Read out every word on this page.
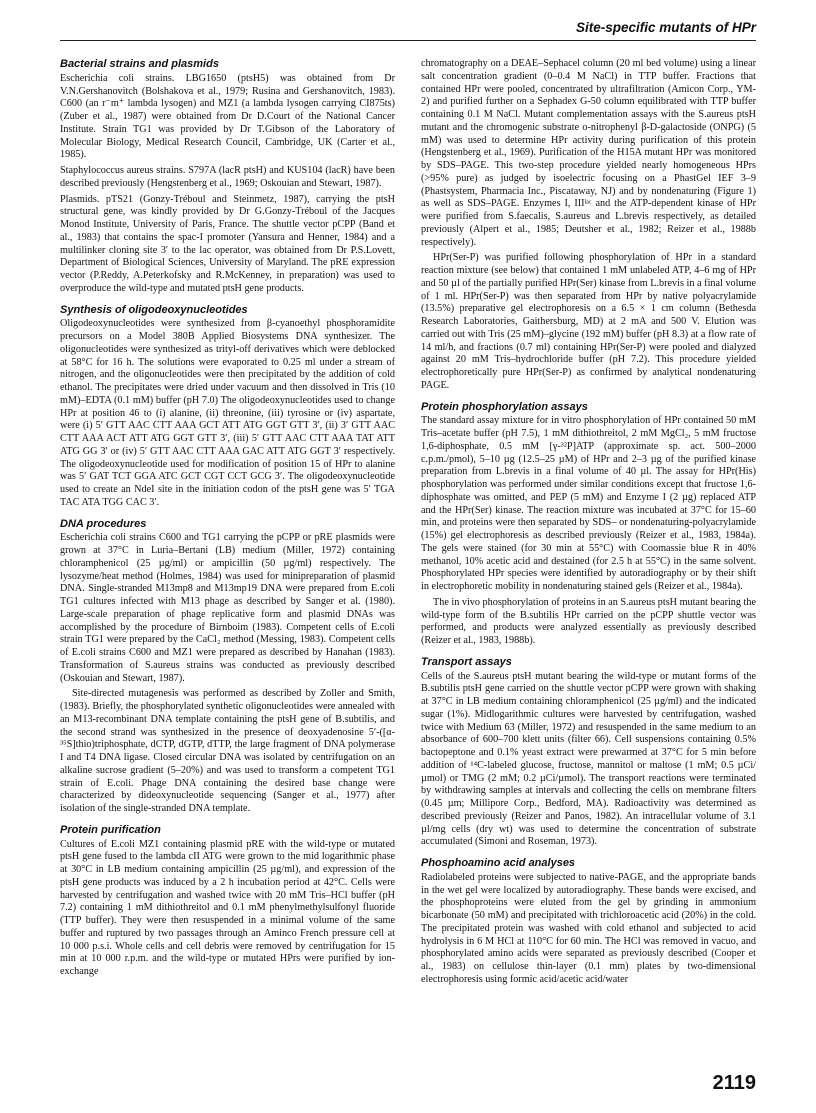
Site-specific mutants of HPr
Bacterial strains and plasmids

Escherichia coli strains. LBG1650 (ptsH5) was obtained from Dr V.N.Gershanovitch (Bolshakova et al., 1979; Rusina and Gershanovitch, 1983). C600 (an r⁻m⁺ lambda lysogen) and MZ1 (a lambda lysogen carrying CI875ts) (Zuber et al., 1987) were obtained from Dr D.Court of the National Cancer Institute. Strain TG1 was provided by Dr T.Gibson of the Laboratory of Molecular Biology, Medical Research Council, Cambridge, UK (Carter et al., 1985).

Staphylococcus aureus strains. S797A (lacR ptsH) and KUS104 (lacR) have been described previously (Hengstenberg et al., 1969; Oskouian and Stewart, 1987).

Plasmids. pTS21 (Gonzy-Tréboul and Steinmetz, 1987), carrying the ptsH structural gene, was kindly provided by Dr G.Gonzy-Tréboul of the Jacques Monod Institute, University of Paris, France. The shuttle vector pCPP (Band et al., 1983) that contains the spac-I promoter (Yansura and Henner, 1984) and a multilinker cloning site 3′ to the lac operator, was obtained from Dr P.S.Lovett, Department of Biological Sciences, University of Maryland. The pRE expression vector (P.Reddy, A.Peterkofsky and R.McKenney, in preparation) was used to overproduce the wild-type and mutated ptsH gene products.

Synthesis of oligodeoxynucleotides

Oligodeoxynucleotides were synthesized from β-cyanoethyl phosphoramidite precursors on a Model 380B Applied Biosystems DNA synthesizer. The oligonucleotides were synthesized as trityl-off derivatives which were deblocked at 58°C for 16 h. The solutions were evaporated to 0.25 ml under a stream of nitrogen, and the oligonucleotides were then precipitated by the addition of cold ethanol. The precipitates were dried under vacuum and then dissolved in Tris (10 mM)–EDTA (0.1 mM) buffer (pH 7.0) The oligodeoxynucleotides used to change HPr at position 46 to (i) alanine, (ii) threonine, (iii) tyrosine or (iv) aspartate, were (i) 5′ GTT AAC CTT AAA GCT ATT ATG GGT GTT 3′, (ii) 3′ GTT AAC CTT AAA ACT ATT ATG GGT GTT 3′, (iii) 5′ GTT AAC CTT AAA TAT ATT ATG GG 3′ or (iv) 5′ GTT AAC CTT AAA GAC ATT ATG GGT 3′ respectively. The oligodeoxynucleotide used for modification of position 15 of HPr to alanine was 5′ GAT TCT GGA ATC GCT CGT CCT GCG 3′. The oligodeoxynucleotide used to create an NdeI site in the initiation codon of the ptsH gene was 5′ TGA TAC ATA TGG CAC 3′.

DNA procedures

Escherichia coli strains C600 and TG1 carrying the pCPP or pRE plasmids were grown at 37°C in Luria–Bertani (LB) medium (Miller, 1972) containing chloramphenicol (25 µg/ml) or ampicillin (50 µg/ml) respectively. The lysozyme/heat method (Holmes, 1984) was used for minipreparation of plasmid DNA. Single-stranded M13mp8 and M13mp19 DNA were prepared from E.coli TG1 cultures infected with M13 phage as described by Sanger et al. (1980). Large-scale preparation of phage replicative form and plasmid DNAs was accomplished by the procedure of Birnboim (1983). Competent cells of E.coli strain TG1 were prepared by the CaCl₂ method (Messing, 1983). Competent cells of E.coli strains C600 and MZ1 were prepared as described by Hanahan (1983). Transformation of S.aureus strains was conducted as previously described (Oskouian and Stewart, 1987).

Site-directed mutagenesis was performed as described by Zoller and Smith, (1983). Briefly, the phosphorylated synthetic oligonucleotides were annealed with an M13-recombinant DNA template containing the ptsH gene of B.subtilis, and the second strand was synthesized in the presence of deoxyadenosine 5′-([α-³⁵S]thio)triphosphate, dCTP, dGTP, dTTP, the large fragment of DNA polymerase I and T4 DNA ligase. Closed circular DNA was isolated by centrifugation on an alkaline sucrose gradient (5–20%) and was used to transform a competent TG1 strain of E.coli. Phage DNA containing the desired base change were characterized by dideoxynucleotide sequencing (Sanger et al., 1977) after isolation of the single-stranded DNA template.

Protein purification

Cultures of E.coli MZ1 containing plasmid pRE with the wild-type or mutated ptsH gene fused to the lambda cII ATG were grown to the mid logarithmic phase at 30°C in LB medium containing ampicillin (25 µg/ml), and expression of the ptsH gene products was induced by a 2 h incubation period at 42°C. Cells were harvested by centrifugation and washed twice with 20 mM Tris–HCl buffer (pH 7.2) containing 1 mM dithiothreitol and 0.1 mM phenylmethylsulfonyl fluoride (TTP buffer). They were then resuspended in a minimal volume of the same buffer and ruptured by two passages through an Aminco French pressure cell at 10 000 p.s.i. Whole cells and cell debris were removed by centrifugation for 15 min at 10 000 r.p.m. and the wild-type or mutated HPrs were purified by ion-exchange

chromatography on a DEAE–Sephacel column (20 ml bed volume) using a linear salt concentration gradient (0–0.4 M NaCl) in TTP buffer. Fractions that contained HPr were pooled, concentrated by ultrafiltration (Amicon Corp., YM-2) and purified further on a Sephadex G-50 column equilibrated with TTP buffer containing 0.1 M NaCl. Mutant complementation assays with the S.aureus ptsH mutant and the chromogenic substrate o-nitrophenyl β-D-galactoside (ONPG) (5 mM) was used to determine HPr activity during purification of this protein (Hengstenberg et al., 1969). Purification of the H15A mutant HPr was monitored by SDS–PAGE. This two-step procedure yielded nearly homogeneous HPrs (>95% pure) as judged by isoelectric focusing on a PhastGel IEF 3–9 (Phastsystem, Pharmacia Inc., Piscataway, NJ) and by nondenaturing (Figure 1) as well as SDS–PAGE. Enzymes I, IIIˡᵃᶜ and the ATP-dependent kinase of HPr were purified from S.faecalis, S.aureus and L.brevis respectively, as detailed previously (Alpert et al., 1985; Deutsher et al., 1982; Reizer et al., 1988b respectively).

HPr(Ser-P) was purified following phosphorylation of HPr in a standard reaction mixture (see below) that contained 1 mM unlabeled ATP, 4–6 mg of HPr and 50 µl of the partially purified HPr(Ser) kinase from L.brevis in a final volume of 1 ml. HPr(Ser-P) was then separated from HPr by native polyacrylamide (13.5%) preparative gel electrophoresis on a 6.5 × 1 cm column (Bethesda Research Laboratories, Gaithersburg, MD) at 2 mA and 500 V. Elution was carried out with Tris (25 mM)–glycine (192 mM) buffer (pH 8.3) at a flow rate of 14 ml/h, and fractions (0.7 ml) containing HPr(Ser-P) were pooled and dialyzed against 20 mM Tris–hydrochloride buffer (pH 7.2). This procedure yielded electrophoretically pure HPr(Ser-P) as confirmed by analytical nondenaturing PAGE.

Protein phosphorylation assays

The standard assay mixture for in vitro phosphorylation of HPr contained 50 mM Tris–acetate buffer (pH 7.5), 1 mM dithiothreitol, 2 mM MgCl₂, 5 mM fructose 1,6-diphosphate, 0.5 mM [γ-³²P]ATP (approximate sp. act. 500–2000 c.p.m./pmol), 5–10 µg (12.5–25 µM) of HPr and 2–3 µg of the purified kinase preparation from L.brevis in a final volume of 40 µl. The assay for HPr(His) phosphorylation was performed under similar conditions except that fructose 1,6-diphosphate was omitted, and PEP (5 mM) and Enzyme I (2 µg) replaced ATP and the HPr(Ser) kinase. The reaction mixture was incubated at 37°C for 15–60 min, and proteins were then separated by SDS– or nondenaturing-polyacrylamide (15%) gel electrophoresis as described previously (Reizer et al., 1983, 1984a). The gels were stained (for 30 min at 55°C) with Coomassie blue R in 40% methanol, 10% acetic acid and destained (for 2.5 h at 55°C) in the same solvent. Phosphorylated HPr species were identified by autoradiography or by their shift in electrophoretic mobility in nondenaturing stained gels (Reizer et al., 1984a).

The in vivo phosphorylation of proteins in an S.aureus ptsH mutant bearing the wild-type form of the B.subtilis HPr carried on the pCPP shuttle vector was performed, and products were analyzed essentially as previously described (Reizer et al., 1983, 1988b).

Transport assays

Cells of the S.aureus ptsH mutant bearing the wild-type or mutant forms of the B.subtilis ptsH gene carried on the shuttle vector pCPP were grown with shaking at 37°C in LB medium containing chloramphenicol (25 µg/ml) and the indicated sugar (1%). Midlogarithmic cultures were harvested by centrifugation, washed twice with Medium 63 (Miller, 1972) and resuspended in the same medium to an absorbance of 600–700 klett units (filter 66). Cell suspensions containing 0.5% bactopeptone and 0.1% yeast extract were prewarmed at 37°C for 5 min before addition of ¹⁴C-labeled glucose, fructose, mannitol or maltose (1 mM; 0.5 µCi/µmol) or TMG (2 mM; 0.2 µCi/µmol). The transport reactions were terminated by withdrawing samples at intervals and collecting the cells on membrane filters (0.45 µm; Millipore Corp., Bedford, MA). Radioactivity was determined as described previously (Reizer and Panos, 1982). An intracellular volume of 3.1 µl/mg cells (dry wt) was used to determine the concentration of substrate accumulated (Simoni and Roseman, 1973).

Phosphoamino acid analyses

Radiolabeled proteins were subjected to native-PAGE, and the appropriate bands in the wet gel were localized by autoradiography. These bands were excised, and the phosphoproteins were eluted from the gel by grinding in ammonium bicarbonate (50 mM) and precipitated with trichloroacetic acid (20%) in the cold. The precipitated protein was washed with cold ethanol and subjected to acid hydrolysis in 6 M HCl at 110°C for 60 min. The HCl was removed in vacuo, and phosphorylated amino acids were separated as previously described (Cooper et al., 1983) on cellulose thin-layer (0.1 mm) plates by two-dimensional electrophoresis using formic acid/acetic acid/water

2119
